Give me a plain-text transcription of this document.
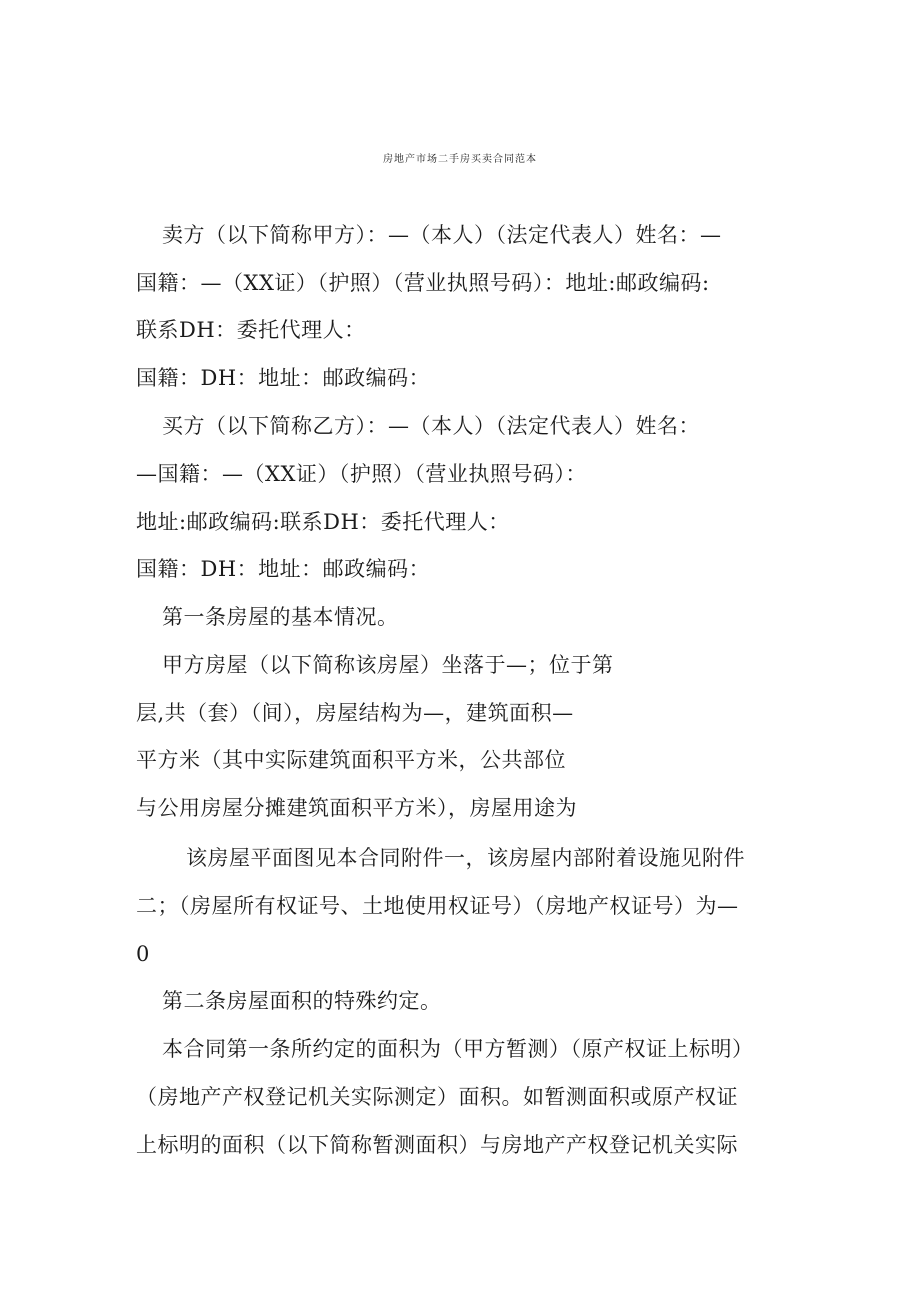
房地产市场二手房买卖合同范本
卖方（以下简称甲方）：—（本人）（法定代表人）姓名：—
国籍：—（XX证）（护照）（营业执照号码）：地址:邮政编码:
联系DH：委托代理人：
国籍：DH：地址：邮政编码：
买方（以下简称乙方）：—（本人）（法定代表人）姓名：
—国籍：—（XX证）（护照）（营业执照号码）：
地址:邮政编码:联系DH：委托代理人：
国籍：DH：地址：邮政编码：
第一条房屋的基本情况。
甲方房屋（以下简称该房屋）坐落于—；位于第
层,共（套）（间），房屋结构为—，建筑面积—
平方米（其中实际建筑面积平方米，公共部位
与公用房屋分摊建筑面积平方米），房屋用途为
该房屋平面图见本合同附件一，该房屋内部附着设施见附件
二；（房屋所有权证号、土地使用权证号）（房地产权证号）为—
0
第二条房屋面积的特殊约定。
本合同第一条所约定的面积为（甲方暂测）（原产权证上标明）
（房地产产权登记机关实际测定）面积。如暂测面积或原产权证
上标明的面积（以下简称暂测面积）与房地产产权登记机关实际
